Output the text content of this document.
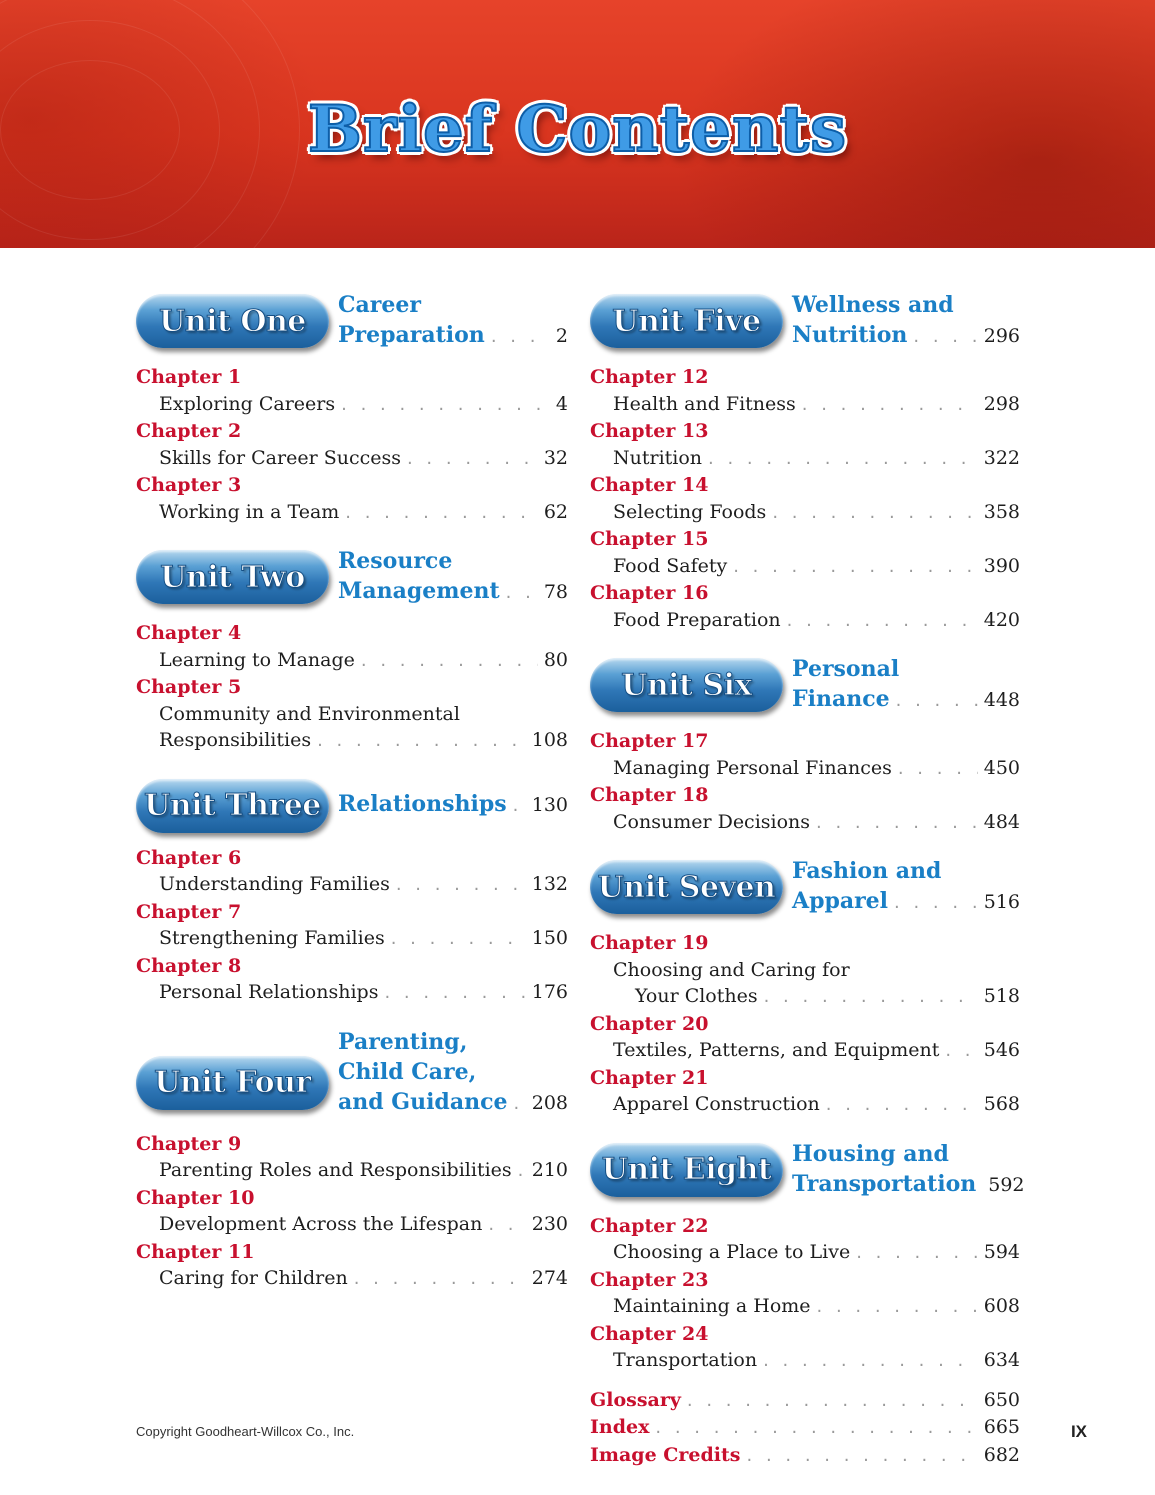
Brief Contents
Unit One	Career
Preparation . . .	2
Chapter 1
Exploring Careers . . .	4
Chapter 2
Skills for Career Success . . .	32
Chapter 3
Working in a Team . . .	62
Unit Two	Resource
Management . . . 78
Chapter 4
Learning to Manage . . .	80
Chapter 5
Community and Environmental
Responsibilities . . .	108
Unit Three Relationships . . . 130
Chapter 6
Understanding Families . . .	132
Chapter 7
Strengthening Families . . .	150
Chapter 8
Personal Relationships . . .	176
Unit Four
Parenting,
Child Care,
and Guidance . . . 208
Chapter 9
Parenting Roles and Responsibilities . . . 210
Chapter 10
Development Across the Lifespan . . .	230
Chapter 11
Caring for Children . . .	274
Unit Five	Wellness and
Nutrition . . .	296
Chapter 12
Health and Fitness . . .	298
Chapter 13
Nutrition . . .	322
Chapter 14
Selecting Foods . . .	358
Chapter 15
Food Safety . . .	390
Chapter 16
Food Preparation . . .	420
Unit Six	Personal
Finance . . .	448
Chapter 17
Managing Personal Finances . . .	450
Chapter 18
Consumer Decisions . . .	484
Unit Seven Fashion and
Apparel . . .	516
Chapter 19
Choosing and Caring for
Your Clothes . . .	518
Chapter 20
Textiles, Patterns, and Equipment . . . 546
Chapter 21
Apparel Construction . . .	568
Unit Eight Housing and
Transportation 592
Chapter 22
Choosing a Place to Live . . .	594
Chapter 23
Maintaining a Home . . .	608
Chapter 24
Transportation . . .	634
Glossary . . .	650
Index . . .	665
Image Credits . . .	682
Copyright Goodheart-Willcox Co., Inc.	IX
